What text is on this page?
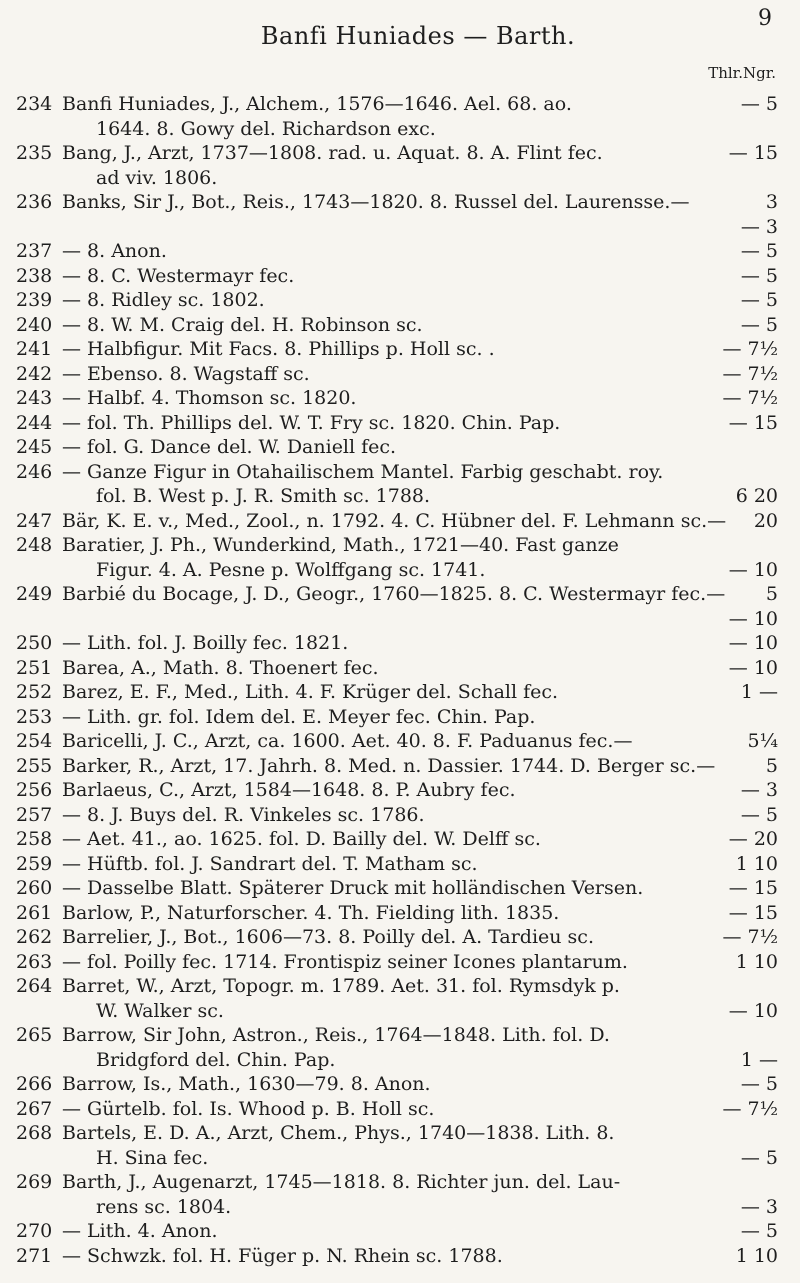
Banfi Huniades — Barth.
9
Thlr.Ngr.
234 Banfi Huniades, J., Alchem., 1576—1646. Ael. 68. ao.	— 5
1644. 8. Gowy del. Richardson exc.
235 Bang, J., Arzt, 1737—1808. rad. u. Aquat. 8. A. Flint fec.	— 15
ad viv. 1806.
236 Banks, Sir J., Bot., Reis., 1743—1820. 8. Russel del. Laurensse.—	3
— 3
237 — 8. Anon.	— 5
238 — 8. C. Westermayr fec.	— 5
239 — 8. Ridley sc. 1802.	— 5
240 — 8. W. M. Craig del. H. Robinson sc.	— 5
241 — Halbfigur. Mit Facs. 8. Phillips p. Holl sc. .	— 7½
242 — Ebenso. 8. Wagstaff sc.	— 7½
243 — Halbf. 4. Thomson sc. 1820.	— 7½
244 — fol. Th. Phillips del. W. T. Fry sc. 1820. Chin. Pap.	— 15
245 — fol. G. Dance del. W. Daniell fec.
246 — Ganze Figur in Otahailischem Mantel. Farbig geschabt. roy.
fol. B. West p. J. R. Smith sc. 1788.	6 20
247 Bär, K. E. v., Med., Zool., n. 1792. 4. C. Hübner del. F. Lehmann sc.—	20
248 Baratier, J. Ph., Wunderkind, Math., 1721—40. Fast ganze
Figur. 4. A. Pesne p. Wolffgang sc. 1741.	— 10
249 Barbié du Bocage, J. D., Geogr., 1760—1825. 8. C. Westermayr fec.—	5
— 10
250 — Lith. fol. J. Boilly fec. 1821.	— 10
251 Barea, A., Math. 8. Thoenert fec.	— 10
252 Barez, E. F., Med., Lith. 4. F. Krüger del. Schall fec.	1 —
253 — Lith. gr. fol. Idem del. E. Meyer fec. Chin. Pap.
254 Baricelli, J. C., Arzt, ca. 1600. Aet. 40. 8. F. Paduanus fec.—	5¼
255 Barker, R., Arzt, 17. Jahrh. 8. Med. n. Dassier. 1744. D. Berger sc.—	5
256 Barlaeus, C., Arzt, 1584—1648. 8. P. Aubry fec.	— 3
257 — 8. J. Buys del. R. Vinkeles sc. 1786.	— 5
258 — Aet. 41., ao. 1625. fol. D. Bailly del. W. Delff sc.	— 20
259 — Hüftb. fol. J. Sandrart del. T. Matham sc.	1 10
260 — Dasselbe Blatt. Späterer Druck mit holländischen Versen.	— 15
261 Barlow, P., Naturforscher. 4. Th. Fielding lith. 1835.	— 15
262 Barrelier, J., Bot., 1606—73. 8. Poilly del. A. Tardieu sc.	— 7½
263 — fol. Poilly fec. 1714. Frontispiz seiner Icones plantarum.	1 10
264 Barret, W., Arzt, Topogr. m. 1789. Aet. 31. fol. Rymsdyk p.
W. Walker sc.	— 10
265 Barrow, Sir John, Astron., Reis., 1764—1848. Lith. fol. D.
Bridgford del. Chin. Pap.	1 —
266 Barrow, Is., Math., 1630—79. 8. Anon.	— 5
267 — Gürtelb. fol. Is. Whood p. B. Holl sc.	— 7½
268 Bartels, E. D. A., Arzt, Chem., Phys., 1740—1838. Lith. 8.
H. Sina fec.	— 5
269 Barth, J., Augenarzt, 1745—1818. 8. Richter jun. del. Lau-
rens sc. 1804.	— 3
270 — Lith. 4. Anon.	— 5
271 — Schwzk. fol. H. Füger p. N. Rhein sc. 1788.	1 10
